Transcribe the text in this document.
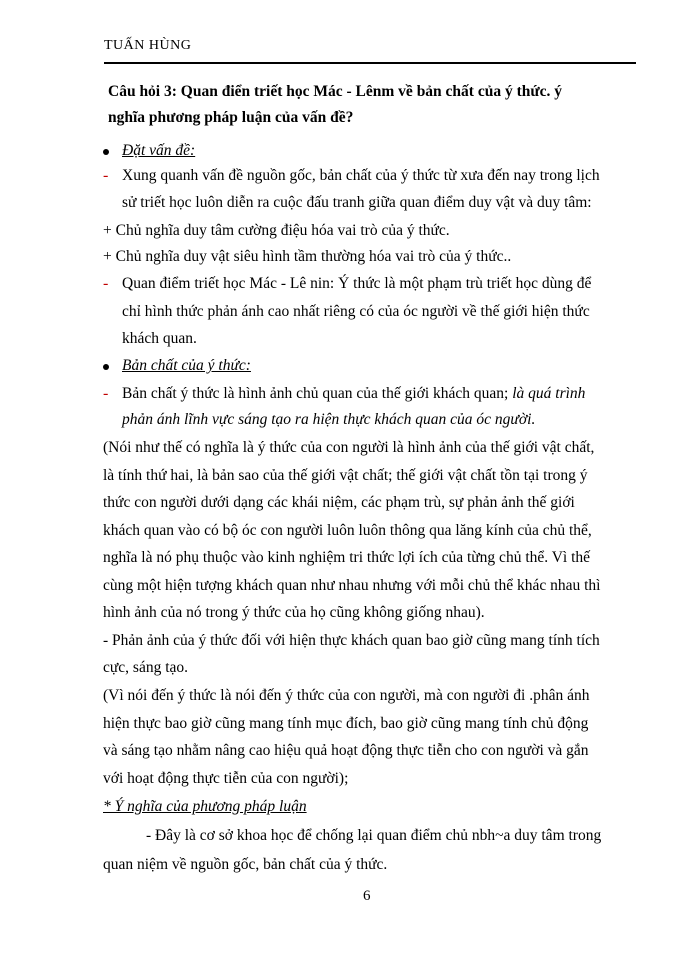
TUẤN HÙNG
Câu hỏi 3: Quan điển triết học Mác - Lênm về bản chất của ý thức. ý
nghĩa phương pháp luận của vấn đề?
Đặt vấn đề:
- Xung quanh vấn đề nguồn gốc, bản chất của ý thức từ xưa đến nay trong lịch
sử triết học luôn diễn ra cuộc đấu tranh giữa quan điểm duy vật và duy tâm:
+ Chủ nghĩa duy tâm cường điệu hóa vai trò của ý thức.
+ Chủ nghĩa duy vật siêu hình tầm thường hóa vai trò của ý thức..
- Quan điểm triết học Mác - Lê nin: Ý thức là một phạm trù triết học dùng để
chỉ hình thức phản ánh cao nhất riêng có của óc người về thế giới hiện thức
khách quan.
Bản chất của ý thức:
- Bản chất ý thức là hình ảnh chủ quan của thế giới khách quan; là quá trình
phản ánh lĩnh vực sáng tạo ra hiện thực khách quan của óc người.
(Nói như thế có nghĩa là ý thức của con người là hình ảnh của thế giới vật chất,
là tính thứ hai, là bản sao của thế giới vật chất; thế giới vật chất tồn tại trong ý
thức con người dưới dạng các khái niệm, các phạm trù, sự phản ảnh thế giới
khách quan vào có bộ óc con người luôn luôn thông qua lăng kính của chủ thể,
nghĩa là nó phụ thuộc vào kinh nghiệm tri thức lợi ích của từng chủ thể. Vì thế
cùng một hiện tượng khách quan như nhau nhưng với mỗi chủ thể khác nhau thì
hình ảnh của nó trong ý thức của họ cũng không giống nhau).
- Phản ảnh của ý thức đối với hiện thực khách quan bao giờ cũng mang tính tích
cực, sáng tạo.
(Vì nói đến ý thức là nói đến ý thức của con người, mà con người đi .phân ánh
hiện thực bao giờ cũng mang tính mục đích, bao giờ cũng mang tính chủ động
và sáng tạo nhằm nâng cao hiệu quả hoạt động thực tiễn cho con người và gắn
với hoạt động thực tiễn của con người);
* Ý nghĩa của phương pháp luận
- Đây là cơ sở khoa học để chống lại quan điểm chủ nbh~a duy tâm trong
quan niệm về nguồn gốc, bản chất của ý thức.
6
